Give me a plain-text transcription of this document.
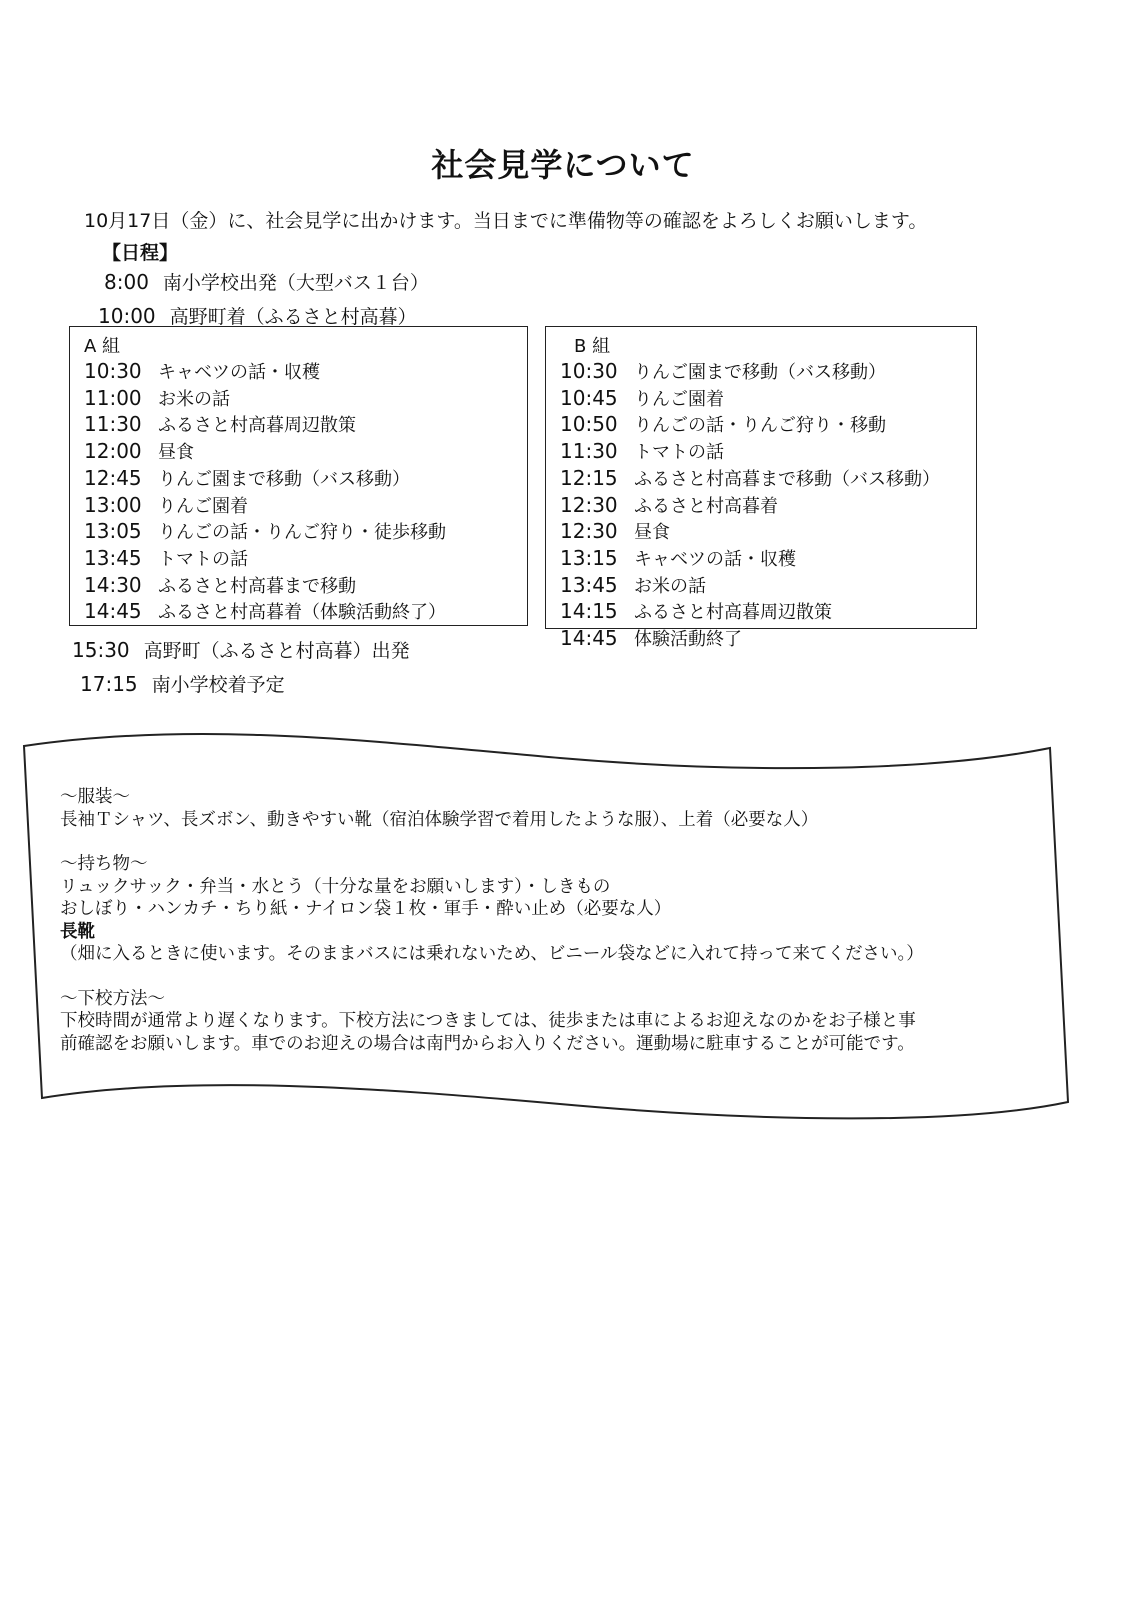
社会見学について
10月17日（金）に、社会見学に出かけます。当日までに準備物等の確認をよろしくお願いします。
【日程】
8:00 南小学校出発（大型バス１台）
10:00 高野町着（ふるさと村高暮）
A 組
10:30 キャベツの話・収穫
11:00 お米の話
11:30 ふるさと村高暮周辺散策
12:00 昼食
12:45 りんご園まで移動（バス移動）
13:00 りんご園着
13:05 りんごの話・りんご狩り・徒歩移動
13:45 トマトの話
14:30 ふるさと村高暮まで移動
14:45 ふるさと村高暮着（体験活動終了）
B 組
10:30 りんご園まで移動（バス移動）
10:45 りんご園着
10:50 りんごの話・りんご狩り・移動
11:30 トマトの話
12:15 ふるさと村高暮まで移動（バス移動）
12:30 ふるさと村高暮着
12:30 昼食
13:15 キャベツの話・収穫
13:45 お米の話
14:15 ふるさと村高暮周辺散策
14:45 体験活動終了
15:30 高野町（ふるさと村高暮）出発
17:15 南小学校着予定
～服装～
長袖Ｔシャツ、長ズボン、動きやすい靴（宿泊体験学習で着用したような服）、上着（必要な人）
～持ち物～
リュックサック・弁当・水とう（十分な量をお願いします）・しきもの
おしぼり・ハンカチ・ちり紙・ナイロン袋１枚・軍手・酔い止め（必要な人）
長靴
（畑に入るときに使います。そのままバスには乗れないため、ビニール袋などに入れて持って来てください。）
～下校方法～
下校時間が通常より遅くなります。下校方法につきましては、徒歩または車によるお迎えなのかをお子様と事
前確認をお願いします。車でのお迎えの場合は南門からお入りください。運動場に駐車することが可能です。
